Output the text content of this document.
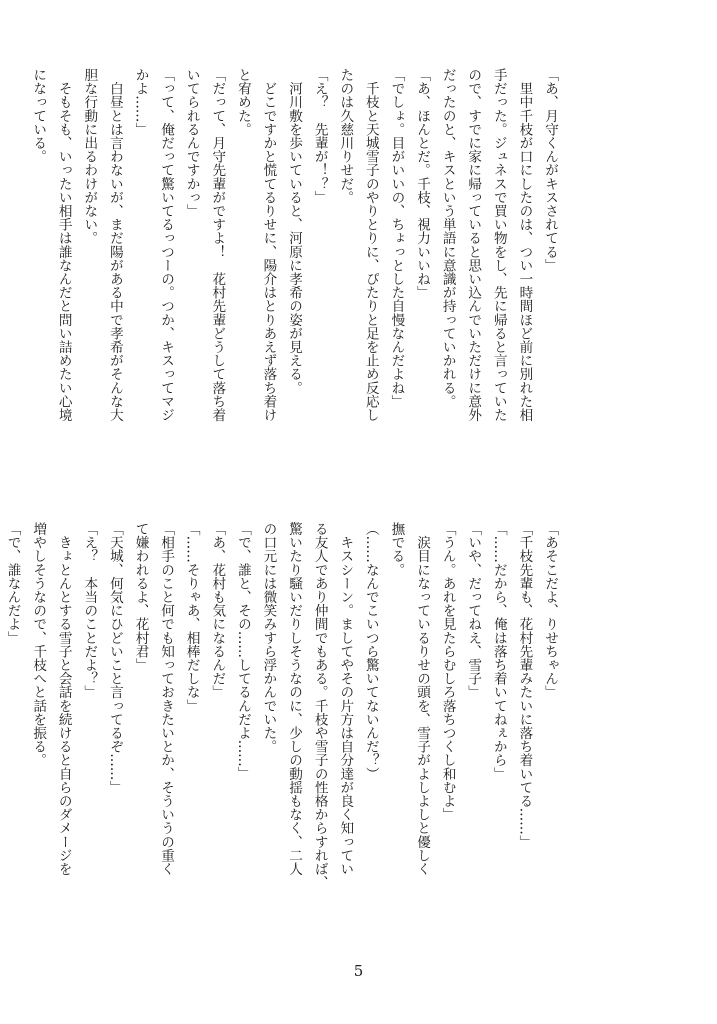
「あ、月守くんがキスされてる」
　里中千枝が口にしたのは、つい一時間ほど前に別れた相
手だった。ジュネスで買い物をし、先に帰ると言っていた
ので、すでに家に帰っていると思い込んでいただけに意外
だったのと、キスという単語に意識が持っていかれる。
「あ、ほんとだ。千枝、視力いいね」
「でしょ。目がいいの、ちょっとした自慢なんだよね」
　千枝と天城雪子のやりとりに、ぴたりと足を止め反応し
たのは久慈川りせだ。
「え？　先輩が！？」
　河川敷を歩いていると、河原に孝希の姿が見える。
　どこですかと慌てるりせに、陽介はとりあえず落ち着け
と宥めた。
「だって、月守先輩がですよ！　花村先輩どうして落ち着
いてられるんですかっ」
「って、俺だって驚いてるっつーの。つか、キスってマジ
かよ……」
　白昼とは言わないが、まだ陽がある中で孝希がそんな大
胆な行動に出るわけがない。
　そもそも、いったい相手は誰なんだと問い詰めたい心境
になっている。
「あそこだよ、りせちゃん」
「千枝先輩も、花村先輩みたいに落ち着いてる……」
「……だから、俺は落ち着いてねぇから」
「いや、だってねえ、雪子」
「うん。あれを見たらむしろ落ちつくし和むよ」
　涙目になっているりせの頭を、雪子がよしよしと優しく
撫でる。
（……なんでこいつら驚いてないんだ？）
　キスシーン。ましてやその片方は自分達が良く知ってい
る友人であり仲間でもある。千枝や雪子の性格からすれば、
驚いたり騒いだりしそうなのに、少しの動揺もなく、二人
の口元には微笑みすら浮かんでいた。
「で、誰と、その……してるんだよ……」
「あ、花村も気になるんだ」
「……そりゃあ、相棒だしな」
「相手のこと何でも知っておきたいとか、そういうの重く
て嫌われるよ、花村君」
「天城、何気にひどいこと言ってるぞ……」
「え？　本当のことだよ？」
　きょとんとする雪子と会話を続けると自らのダメージを
増やしそうなので、千枝へと話を振る。
「で、誰なんだよ」
5
